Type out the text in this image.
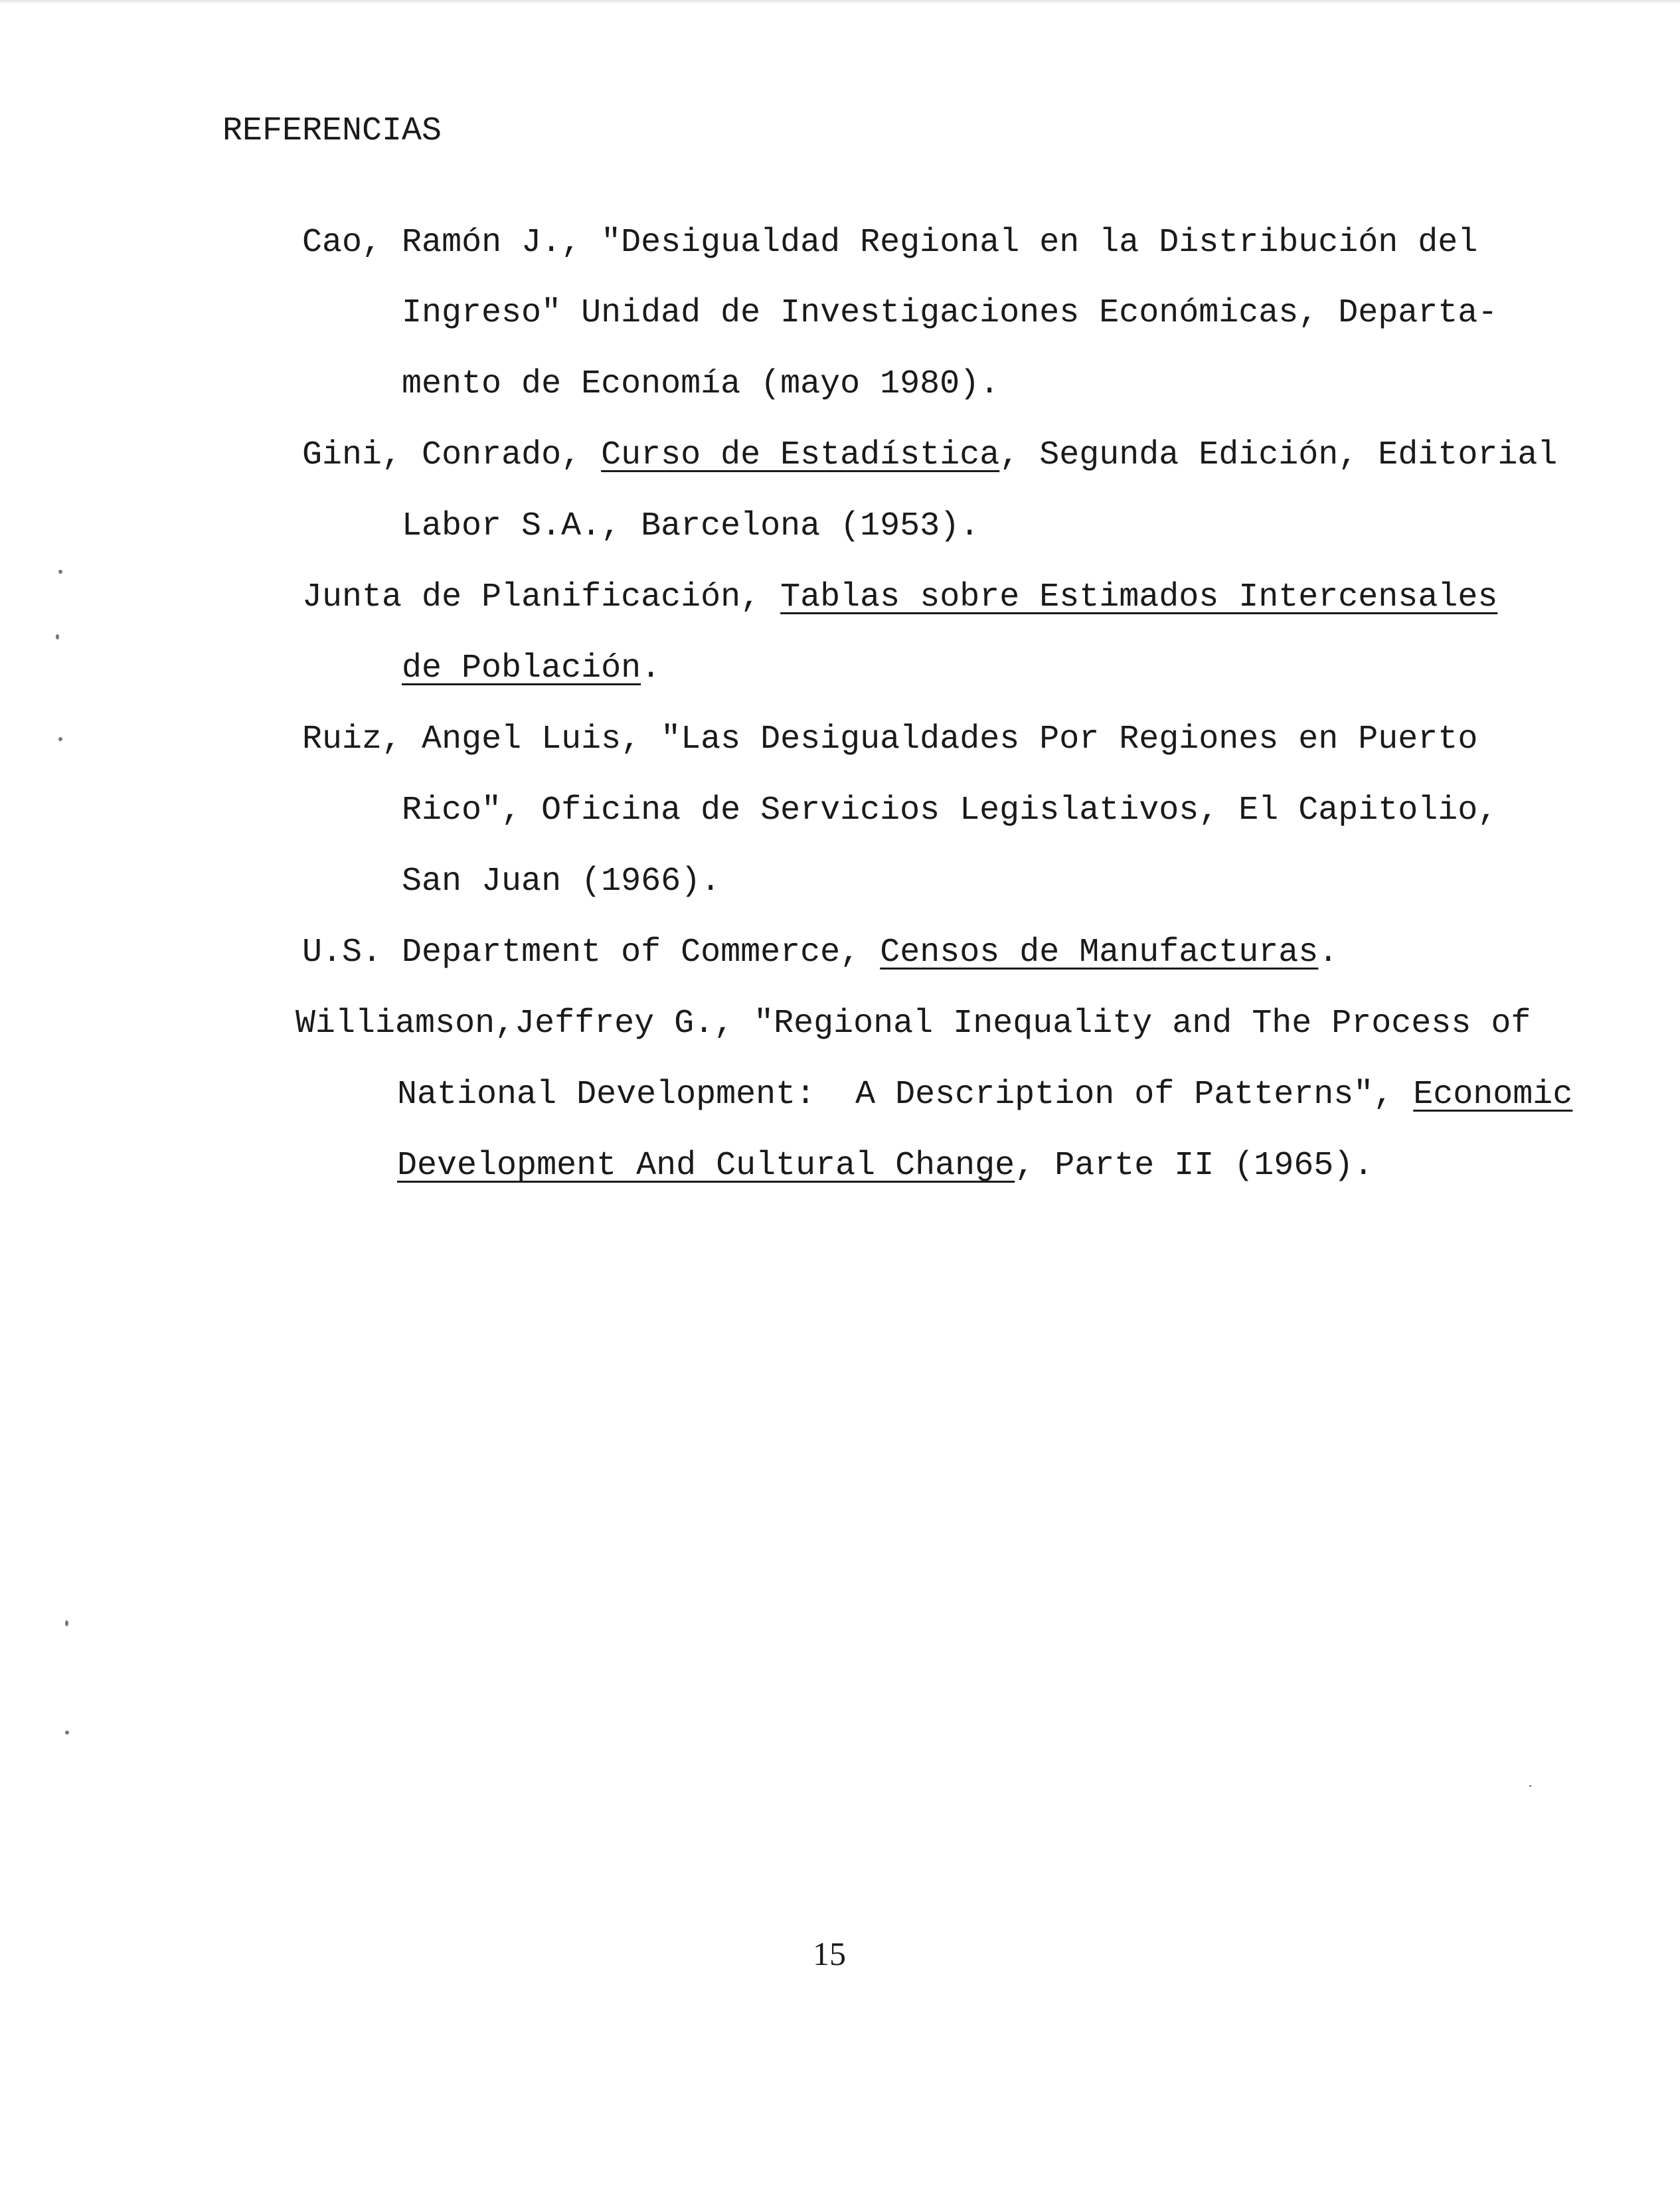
REFERENCIAS

Cao, Ramón J., "Desigualdad Regional en la Distribución del

Ingreso" Unidad de Investigaciones Económicas, Departa-

mento de Economía (mayo 1980).

Gini, Conrado, Curso de Estadística, Segunda Edición, Editorial

Labor S.A., Barcelona (1953).

Junta de Planificación, Tablas sobre Estimados Intercensales

de Población.

Ruiz, Angel Luis, "Las Desigualdades Por Regiones en Puerto

Rico", Oficina de Servicios Legislativos, El Capitolio,

San Juan (1966).

U.S. Department of Commerce, Censos de Manufacturas.

Williamson,Jeffrey G., "Regional Inequality and The Process of

National Development:  A Description of Patterns", Economic

Development And Cultural Change, Parte II (1965).

15
